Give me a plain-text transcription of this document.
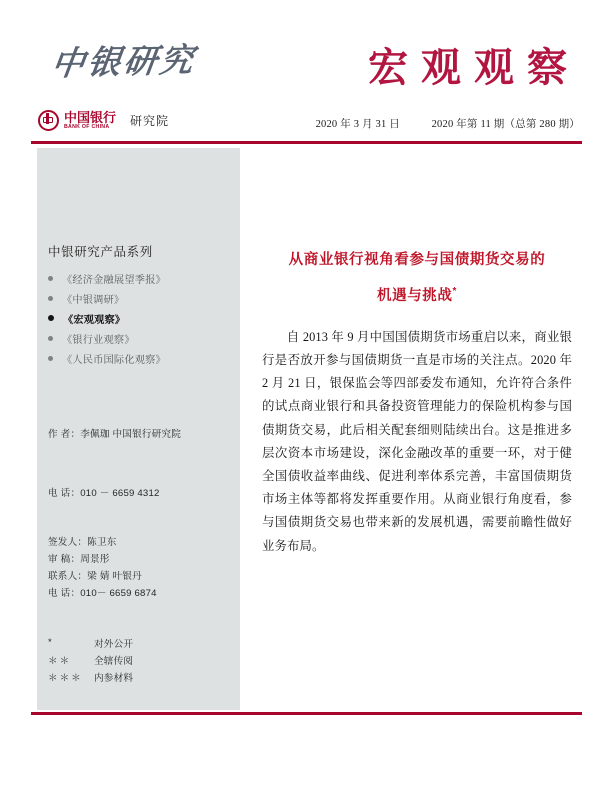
中银研究	宏观观察
中国银行
BANK OF CHINA	研究院	2020 年 3 月 31 日	2020 年第 11 期（总第 280 期）
中银研究产品系列
《经济金融展望季报》
《中银调研》
《宏观观察》
《银行业观察》
《人民币国际化观察》
作 者：李佩珈 中国银行研究院
电 话：010 － 6659 4312
签发人：陈卫东
审 稿：周景彤
联系人：梁 婧 叶银丹
电 话：010－ 6659 6874
*	对外公开
＊＊	全辖传阅
＊＊＊	内参材料
从商业银行视角看参与国债期货交易的
机遇与挑战*

自 2013 年 9 月中国国债期货市场重启以来，商业银行是否放开参与国债期货一直是市场的关注点。2020 年 2 月 21 日，银保监会等四部委发布通知，允许符合条件的试点商业银行和具备投资管理能力的保险机构参与国债期货交易，此后相关配套细则陆续出台。这是推进多层次资本市场建设，深化金融改革的重要一环，对于健全国债收益率曲线、促进利率体系完善，丰富国债期货市场主体等都将发挥重要作用。从商业银行角度看，参与国债期货交易也带来新的发展机遇，需要前瞻性做好业务布局。
